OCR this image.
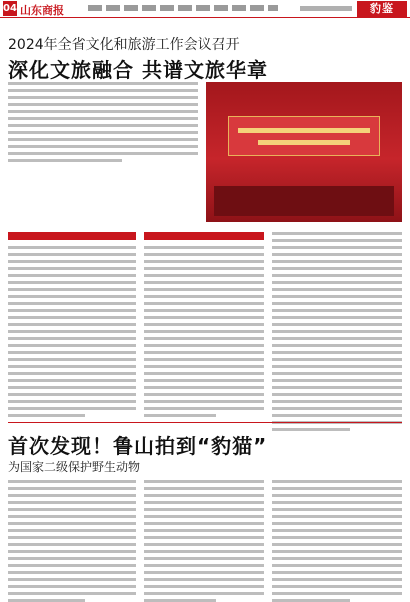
04 山东商报	豹鉴
2024年全省文化和旅游工作会议召开
深化文旅融合 共谱文旅华章
首次发现！鲁山拍到“豹猫”
为国家二级保护野生动物
